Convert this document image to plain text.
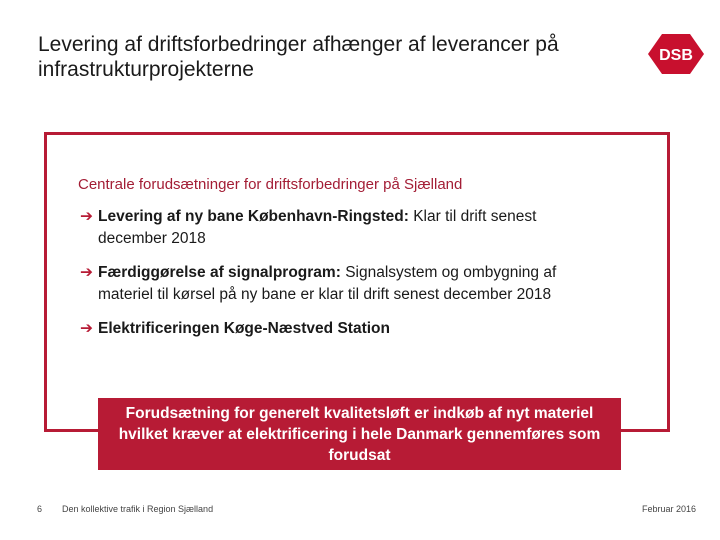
Levering af driftsforbedringer afhænger af leverancer på infrastrukturprojekterne
DSB
Centrale forudsætninger for driftsforbedringer på Sjælland
➔ Levering af ny bane København-Ringsted: Klar til drift senest
december 2018
➔ Færdiggørelse af signalprogram: Signalsystem og ombygning af
materiel til kørsel på ny bane er klar til drift senest december 2018
➔ Elektrificeringen Køge-Næstved Station
Forudsætning for generelt kvalitetsløft er indkøb af nyt materiel hvilket kræver at elektrificering i hele Danmark gennemføres som forudsat
6 Den kollektive trafik i Region Sjælland	Februar 2016
